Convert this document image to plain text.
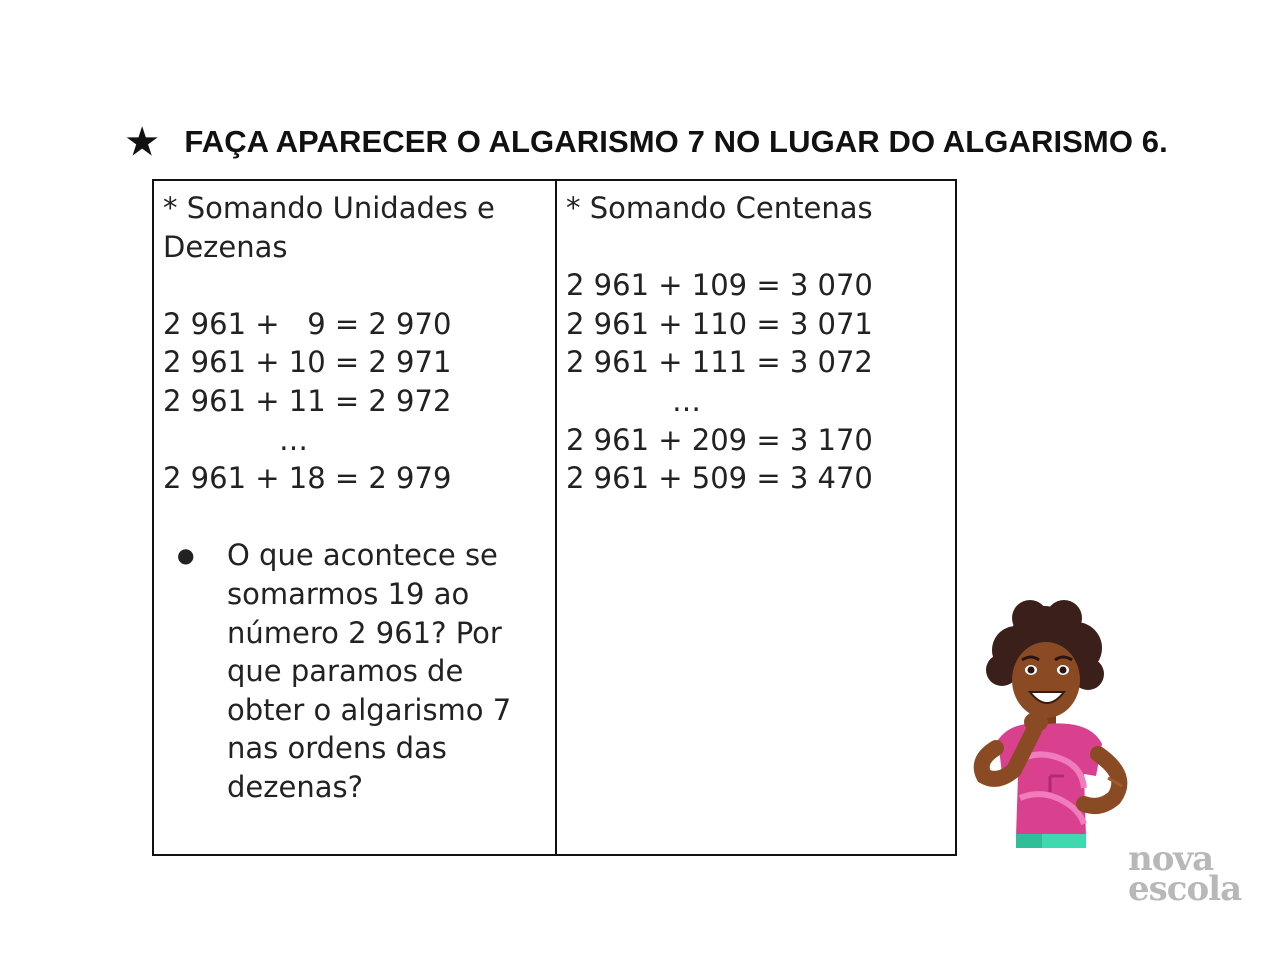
★ FAÇA APARECER O ALGARISMO 7 NO LUGAR DO ALGARISMO 6.
* Somando Unidades e
Dezenas
2 961 +   9 = 2 970
2 961 + 10 = 2 971
2 961 + 11 = 2 972
…
2 961 + 18 = 2 979
●	O que acontece se
somarmos 19 ao
número 2 961? Por
que paramos de
obter o algarismo 7
nas ordens das
dezenas?

* Somando Centenas
2 961 + 109 = 3 070
2 961 + 110 = 3 071
2 961 + 111 = 3 072
…
2 961 + 209 = 3 170
2 961 + 509 = 3 470
nova
escola
